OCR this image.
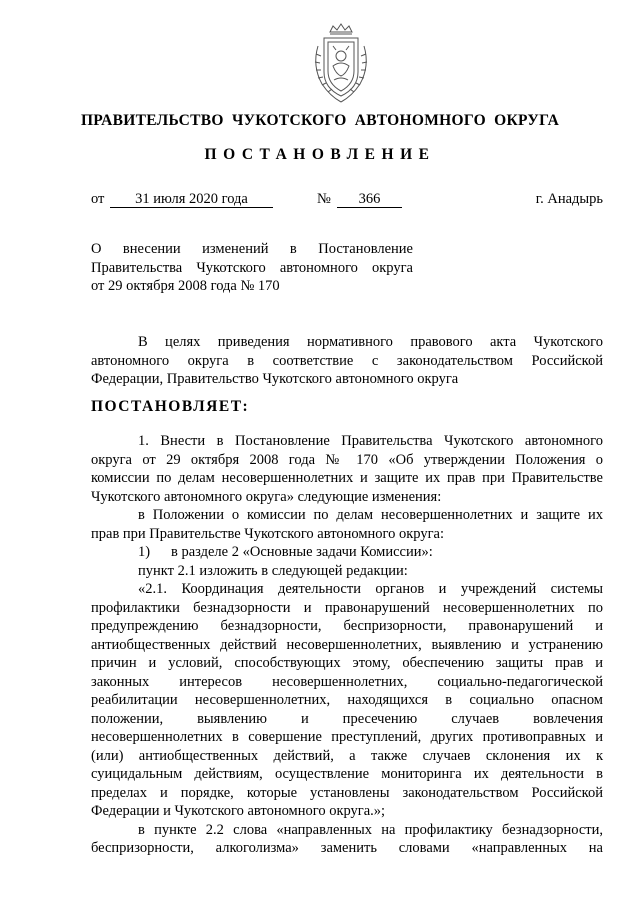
ПРАВИТЕЛЬСТВО ЧУКОТСКОГО АВТОНОМНОГО ОКРУГА
ПОСТАНОВЛЕНИЕ
от	31 июля 2020 года	№	366	г. Анадырь
О внесении изменений в Постановление
Правительства Чукотского автономного округа
от 29 октября 2008 года № 170
В целях приведения нормативного правового акта Чукотского
автономного округа в соответствие с законодательством Российской
Федерации, Правительство Чукотского автономного округа
ПОСТАНОВЛЯЕТ:
1. Внести в Постановление Правительства Чукотского автономного
округа от 29 октября 2008 года № 170 «Об утверждении Положения о
комиссии по делам несовершеннолетних и защите их прав при Правительстве
Чукотского автономного округа» следующие изменения:
в Положении о комиссии по делам несовершеннолетних и защите их
прав при Правительстве Чукотского автономного округа:
1) в разделе 2 «Основные задачи Комиссии»:
пункт 2.1 изложить в следующей редакции:
«2.1. Координация деятельности органов и учреждений системы
профилактики безнадзорности и правонарушений несовершеннолетних по
предупреждению безнадзорности, беспризорности, правонарушений и
антиобщественных действий несовершеннолетних, выявлению и устранению
причин и условий, способствующих этому, обеспечению защиты прав и
законных интересов несовершеннолетних, социально-педагогической
реабилитации несовершеннолетних, находящихся в социально опасном
положении, выявлению и пресечению случаев вовлечения
несовершеннолетних в совершение преступлений, других противоправных и
(или) антиобщественных действий, а также случаев склонения их к
суицидальным действиям, осуществление мониторинга их деятельности в
пределах и порядке, которые установлены законодательством Российской
Федерации и Чукотского автономного округа.»;
в пункте 2.2 слова «направленных на профилактику безнадзорности,
беспризорности, алкоголизма» заменить словами «направленных на
